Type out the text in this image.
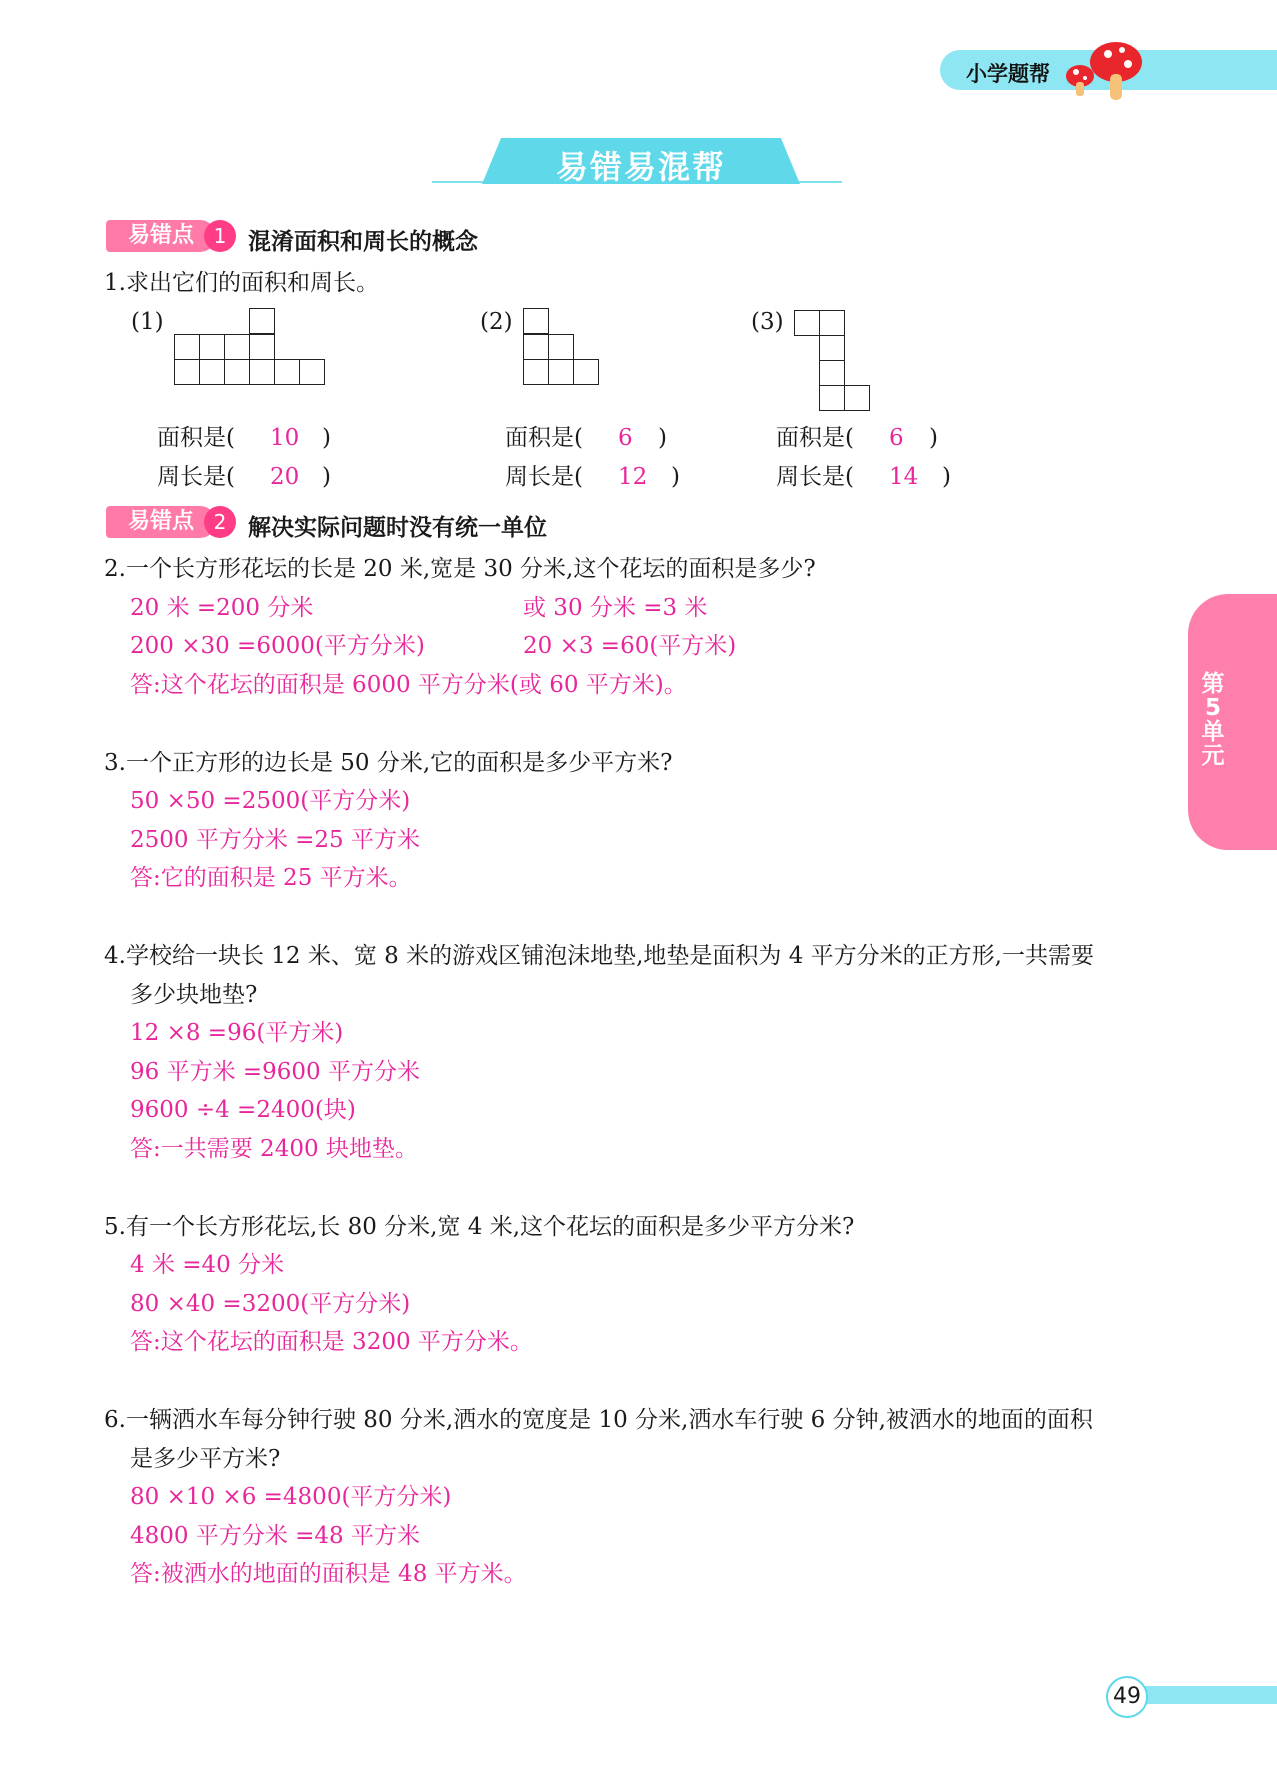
小学题帮
易错易混帮
第5单元
易错点 1 混淆面积和周长的概念
1.求出它们的面积和周长。
(1)	(2)	(3)
面积是( 10 )
周长是( 20 )
面积是( 6 )
周长是( 12 )
面积是( 6 )
周长是( 14 )
易错点 2 解决实际问题时没有统一单位
2.一个长方形花坛的长是 20 米,宽是 30 分米,这个花坛的面积是多少?
20 米 =200 分米	或 30 分米 =3 米
200 ×30 =6000(平方分米)	20 ×3 =60(平方米)
答:这个花坛的面积是 6000 平方分米(或 60 平方米)。
3.一个正方形的边长是 50 分米,它的面积是多少平方米?
50 ×50 =2500(平方分米)
2500 平方分米 =25 平方米
答:它的面积是 25 平方米。
4.学校给一块长 12 米、宽 8 米的游戏区铺泡沫地垫,地垫是面积为 4 平方分米的正方形,一共需要
多少块地垫?
12 ×8 =96(平方米)
96 平方米 =9600 平方分米
9600 ÷4 =2400(块)
答:一共需要 2400 块地垫。
5.有一个长方形花坛,长 80 分米,宽 4 米,这个花坛的面积是多少平方分米?
4 米 =40 分米
80 ×40 =3200(平方分米)
答:这个花坛的面积是 3200 平方分米。
6.一辆洒水车每分钟行驶 80 分米,洒水的宽度是 10 分米,洒水车行驶 6 分钟,被洒水的地面的面积
是多少平方米?
80 ×10 ×6 =4800(平方分米)
4800 平方分米 =48 平方米
答:被洒水的地面的面积是 48 平方米。
49
